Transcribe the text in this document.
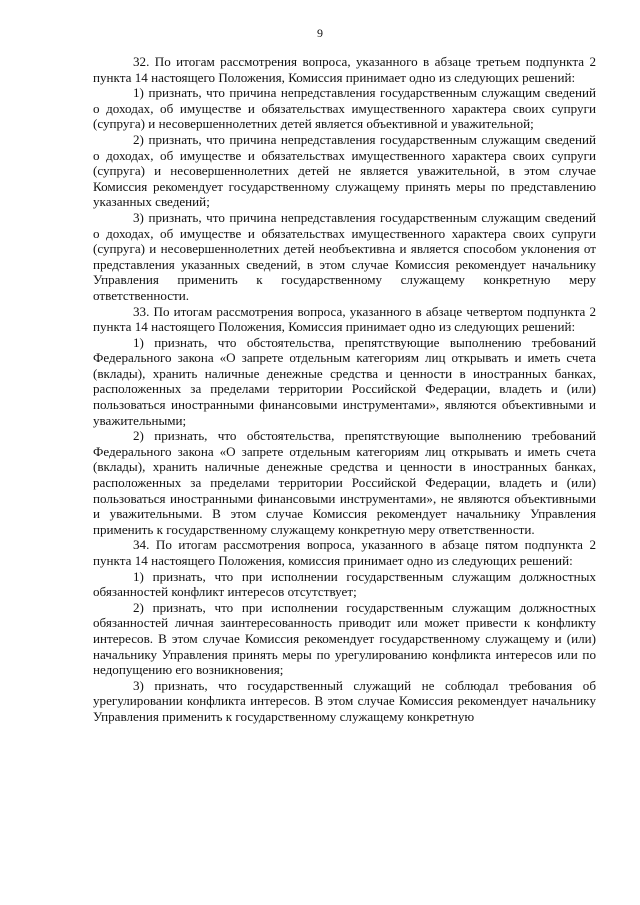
9

32. По итогам рассмотрения вопроса, указанного в абзаце третьем подпункта 2 пункта 14 настоящего Положения, Комиссия принимает одно из следующих решений:

1) признать, что причина непредставления государственным служащим сведений о доходах, об имуществе и обязательствах имущественного характера своих супруги (супруга) и несовершеннолетних детей является объективной и уважительной;

2) признать, что причина непредставления государственным служащим сведений о доходах, об имуществе и обязательствах имущественного характера своих супруги (супруга) и несовершеннолетних детей не является уважительной, в этом случае Комиссия рекомендует государственному служащему принять меры по представлению указанных сведений;

3) признать, что причина непредставления государственным служащим сведений о доходах, об имуществе и обязательствах имущественного характера своих супруги (супруга) и несовершеннолетних детей необъективна и является способом уклонения от представления указанных сведений, в этом случае Комиссия рекомендует начальнику Управления применить к государственному служащему конкретную меру ответственности.

33. По итогам рассмотрения вопроса, указанного в абзаце четвертом подпункта 2 пункта 14 настоящего Положения, Комиссия принимает одно из следующих решений:

1) признать, что обстоятельства, препятствующие выполнению требований Федерального закона «О запрете отдельным категориям лиц открывать и иметь счета (вклады), хранить наличные денежные средства и ценности в иностранных банках, расположенных за пределами территории Российской Федерации, владеть и (или) пользоваться иностранными финансовыми инструментами», являются объективными и уважительными;

2) признать, что обстоятельства, препятствующие выполнению требований Федерального закона «О запрете отдельным категориям лиц открывать и иметь счета (вклады), хранить наличные денежные средства и ценности в иностранных банках, расположенных за пределами территории Российской Федерации, владеть и (или) пользоваться иностранными финансовыми инструментами», не являются объективными и уважительными. В этом случае Комиссия рекомендует начальнику Управления применить к государственному служащему конкретную меру ответственности.

34. По итогам рассмотрения вопроса, указанного в абзаце пятом подпункта 2 пункта 14 настоящего Положения, комиссия принимает одно из следующих решений:

1) признать, что при исполнении государственным служащим должностных обязанностей конфликт интересов отсутствует;

2) признать, что при исполнении государственным служащим должностных обязанностей личная заинтересованность приводит или может привести к конфликту интересов. В этом случае Комиссия рекомендует государственному служащему и (или) начальнику Управления принять меры по урегулированию конфликта интересов или по недопущению его возникновения;

3) признать, что государственный служащий не соблюдал требования об урегулировании конфликта интересов. В этом случае Комиссия рекомендует начальнику Управления применить к государственному служащему конкретную
